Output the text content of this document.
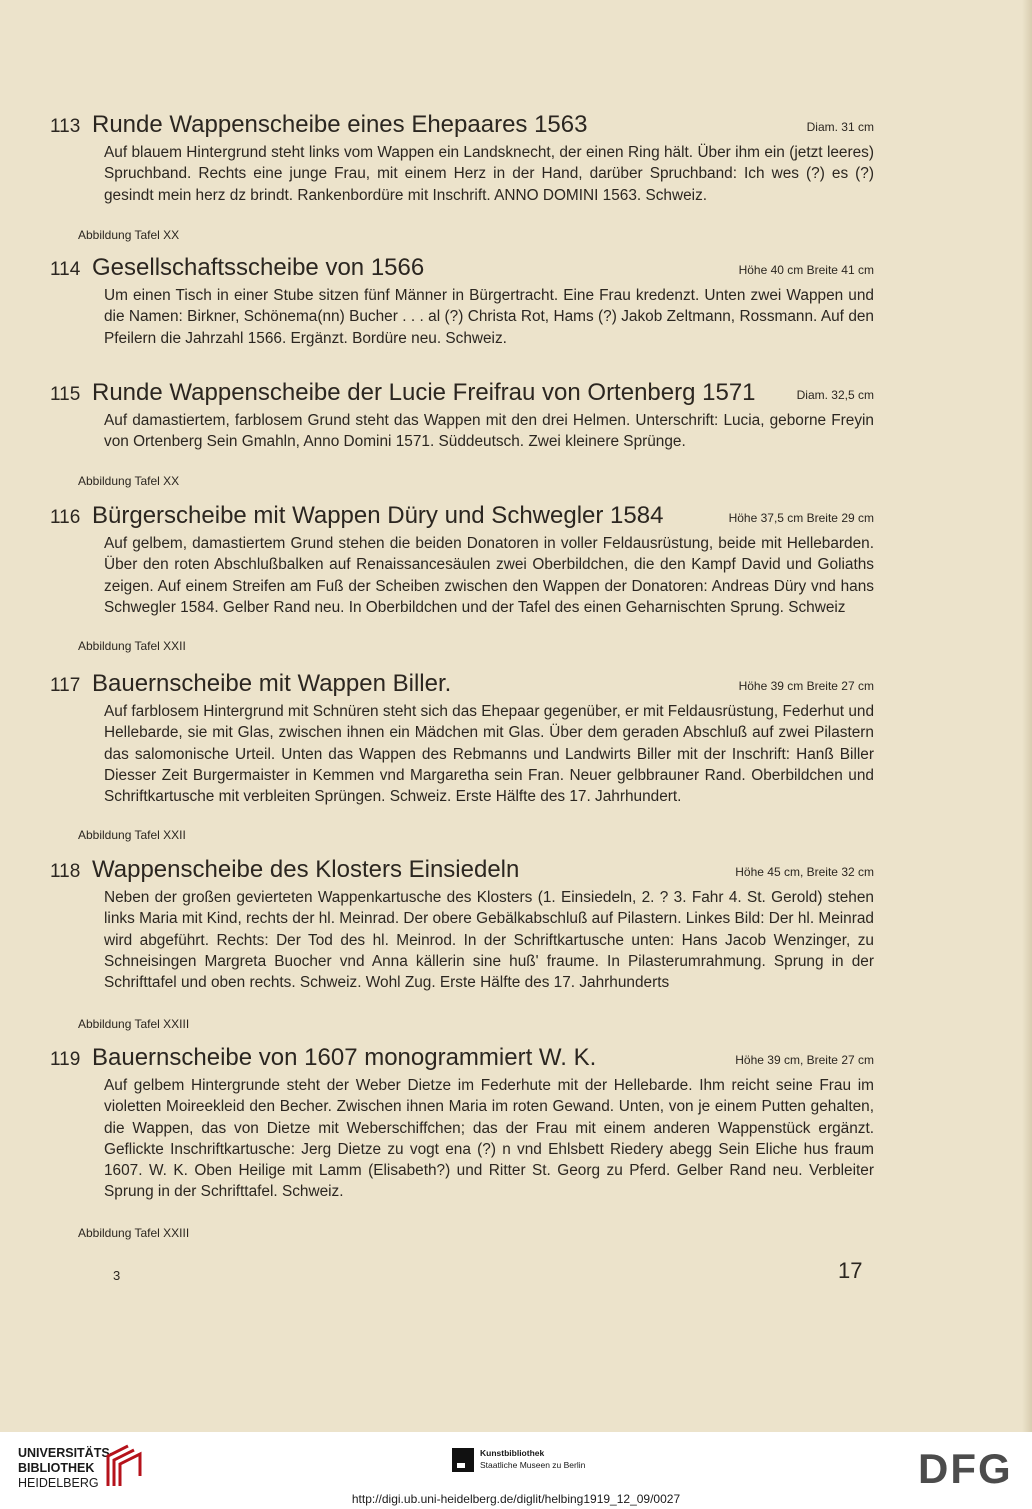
113 Runde Wappenscheibe eines Ehepaares 1563	Diam. 31 cm
Auf blauem Hintergrund steht links vom Wappen ein Landsknecht, der einen Ring hält. Über ihm ein (jetzt leeres) Spruchband. Rechts eine junge Frau, mit einem Herz in der Hand, darüber Spruchband: Ich wes (?) es (?) gesindt mein herz dz brindt. Rankenbordüre mit Inschrift. ANNO DOMINI 1563. Schweiz.
Abbildung Tafel XX
114 Gesellschaftsscheibe von 1566	Höhe 40 cm Breite 41 cm
Um einen Tisch in einer Stube sitzen fünf Männer in Bürgertracht. Eine Frau kredenzt. Unten zwei Wappen und die Namen: Birkner, Schönema(nn) Bucher . . . al (?) Christa Rot, Hams (?) Jakob Zeltmann, Rossmann. Auf den Pfeilern die Jahrzahl 1566. Ergänzt. Bordüre neu. Schweiz.
115 Runde Wappenscheibe der Lucie Freifrau von Ortenberg 1571	Diam. 32,5 cm
Auf damastiertem, farblosem Grund steht das Wappen mit den drei Helmen. Unterschrift: Lucia, geborne Freyin von Ortenberg Sein Gmahln, Anno Domini 1571. Süddeutsch. Zwei kleinere Sprünge.
Abbildung Tafel XX
116 Bürgerscheibe mit Wappen Düry und Schwegler 1584	Höhe 37,5 cm Breite 29 cm
Auf gelbem, damastiertem Grund stehen die beiden Donatoren in voller Feldausrüstung, beide mit Hellebarden. Über den roten Abschlußbalken auf Renaissancesäulen zwei Oberbildchen, die den Kampf David und Goliaths zeigen. Auf einem Streifen am Fuß der Scheiben zwischen den Wappen der Donatoren: Andreas Düry vnd hans Schwegler 1584. Gelber Rand neu. In Oberbildchen und der Tafel des einen Geharnischten Sprung. Schweiz
Abbildung Tafel XXII
117 Bauernscheibe mit Wappen Biller.	Höhe 39 cm Breite 27 cm
Auf farblosem Hintergrund mit Schnüren steht sich das Ehepaar gegenüber, er mit Feldausrüstung, Federhut und Hellebarde, sie mit Glas, zwischen ihnen ein Mädchen mit Glas. Über dem geraden Abschluß auf zwei Pilastern das salomonische Urteil. Unten das Wappen des Rebmanns und Landwirts Biller mit der Inschrift: Hanß Biller Diesser Zeit Burgermaister in Kemmen vnd Margaretha sein Fran. Neuer gelbbrauner Rand. Oberbildchen und Schriftkartusche mit verbleiten Sprüngen. Schweiz. Erste Hälfte des 17. Jahrhundert.
Abbildung Tafel XXII
118 Wappenscheibe des Klosters Einsiedeln	Höhe 45 cm, Breite 32 cm
Neben der großen gevierteten Wappenkartusche des Klosters (1. Einsiedeln, 2. ? 3. Fahr 4. St. Gerold) stehen links Maria mit Kind, rechts der hl. Meinrad. Der obere Gebälkabschluß auf Pilastern. Linkes Bild: Der hl. Meinrad wird abgeführt. Rechts: Der Tod des hl. Meinrod. In der Schriftkartusche unten: Hans Jacob Wenzinger, zu Schneisingen Margreta Buocher vnd Anna källerin sine huß' fraume. In Pilasterumrahmung. Sprung in der Schrifttafel und oben rechts. Schweiz. Wohl Zug. Erste Hälfte des 17. Jahrhunderts
Abbildung Tafel XXIII
119 Bauernscheibe von 1607 monogrammiert W. K.	Höhe 39 cm, Breite 27 cm
Auf gelbem Hintergrunde steht der Weber Dietze im Federhute mit der Hellebarde. Ihm reicht seine Frau im violetten Moireekleid den Becher. Zwischen ihnen Maria im roten Gewand. Unten, von je einem Putten gehalten, die Wappen, das von Dietze mit Weberschiffchen; das der Frau mit einem anderen Wappenstück ergänzt. Geflickte Inschriftkartusche: Jerg Dietze zu vogt ena (?) n vnd Ehlsbett Riedery abegg Sein Eliche hus fraum 1607. W. K. Oben Heilige mit Lamm (Elisabeth?) und Ritter St. Georg zu Pferd. Gelber Rand neu. Verbleiter Sprung in der Schrifttafel. Schweiz.
Abbildung Tafel XXIII
3	17
UNIVERSITÄTS-
BIBLIOTHEK
HEIDELBERG
Kunstbibliothek
Staatliche Museen zu Berlin	DFG
http://digi.ub.uni-heidelberg.de/diglit/helbing1919_12_09/0027
